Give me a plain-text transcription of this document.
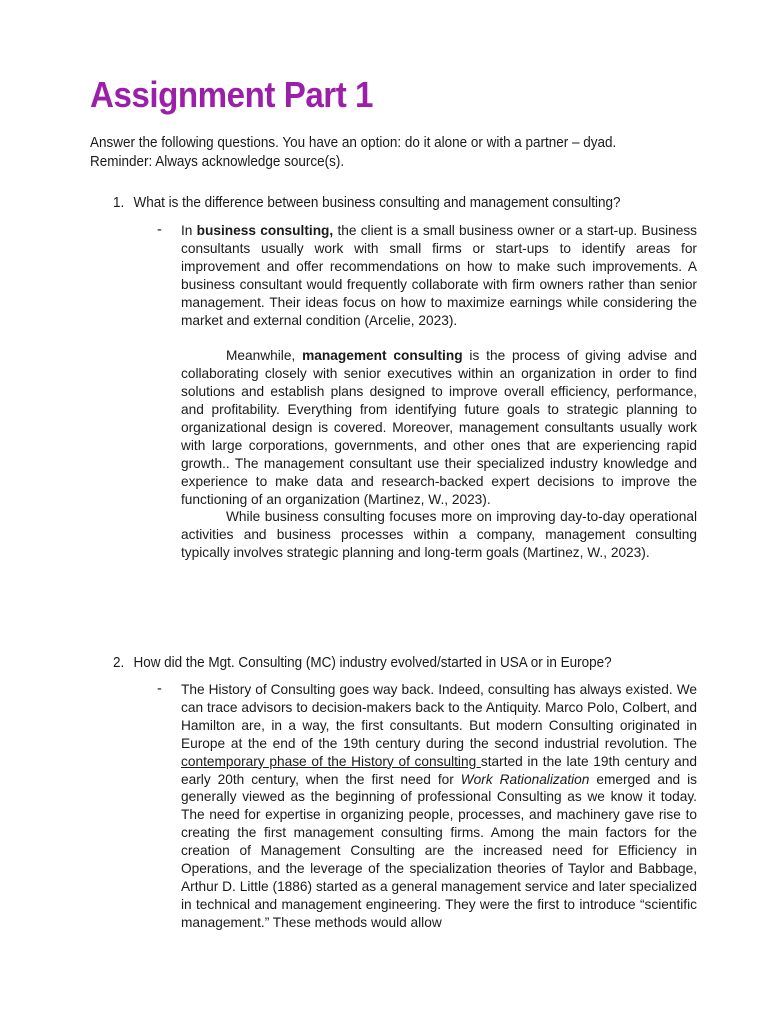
Assignment Part 1

Answer the following questions. You have an option: do it alone or with a partner – dyad.

Reminder: Always acknowledge source(s).

1. What is the difference between business consulting and management consulting?
- In business consulting, the client is a small business owner or a start-up. Business consultants usually work with small firms or start-ups to identify areas for improvement and offer recommendations on how to make such improvements. A business consultant would frequently collaborate with firm owners rather than senior management. Their ideas focus on how to maximize earnings while considering the market and external condition (Arcelie, 2023).

Meanwhile, management consulting is the process of giving advise and collaborating closely with senior executives within an organization in order to find solutions and establish plans designed to improve overall efficiency, performance, and profitability. Everything from identifying future goals to strategic planning to organizational design is covered. Moreover, management consultants usually work with large corporations, governments, and other ones that are experiencing rapid growth.. The management consultant use their specialized industry knowledge and experience to make data and research-backed expert decisions to improve the functioning of an organization (Martinez, W., 2023).

While business consulting focuses more on improving day-to-day operational activities and business processes within a company, management consulting typically involves strategic planning and long-term goals (Martinez, W., 2023).

2. How did the Mgt. Consulting (MC) industry evolved/started in USA or in Europe?
- The History of Consulting goes way back. Indeed, consulting has always existed. We can trace advisors to decision-makers back to the Antiquity. Marco Polo, Colbert, and Hamilton are, in a way, the first consultants. But modern Consulting originated in Europe at the end of the 19th century during the second industrial revolution. The contemporary phase of the History of consulting started in the late 19th century and early 20th century, when the first need for Work Rationalization emerged and is generally viewed as the beginning of professional Consulting as we know it today. The need for expertise in organizing people, processes, and machinery gave rise to creating the first management consulting firms. Among the main factors for the creation of Management Consulting are the increased need for Efficiency in Operations, and the leverage of the specialization theories of Taylor and Babbage, Arthur D. Little (1886) started as a general management service and later specialized in technical and management engineering. They were the first to introduce “scientific management.” These methods would allow
